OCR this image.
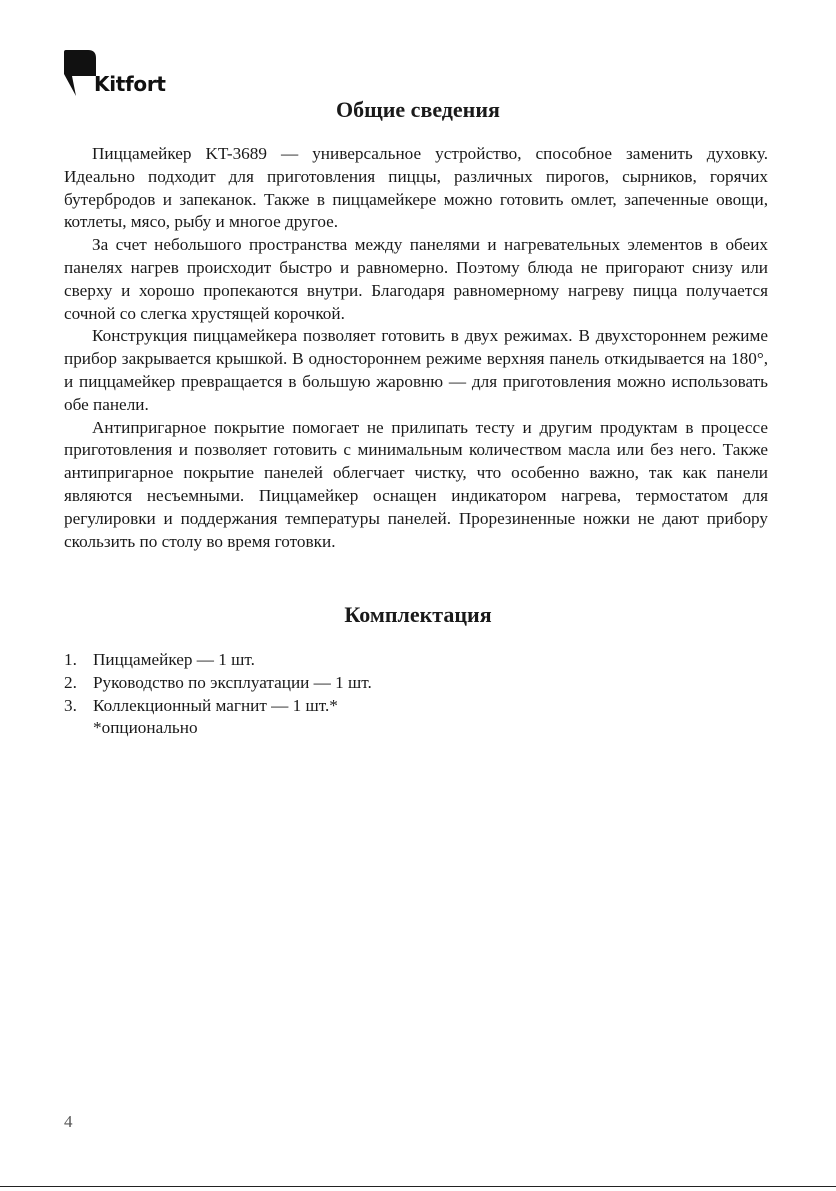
Kitfort
Общие сведения

Пиццамейкер KT-3689 — универсальное устройство, способное заменить духовку. Идеально подходит для приготовления пиццы, различных пирогов, сырников, горячих бутербродов и запеканок. Также в пиццамейкере можно готовить омлет, запеченные овощи, котлеты, мясо, рыбу и многое другое.

За счет небольшого пространства между панелями и нагревательных элементов в обеих панелях нагрев происходит быстро и равномерно. Поэтому блюда не пригорают снизу или сверху и хорошо пропекаются внутри. Благодаря равномерному нагреву пицца получается сочной со слегка хрустящей корочкой.

Конструкция пиццамейкера позволяет готовить в двух режимах. В двухстороннем режиме прибор закрывается крышкой. В одностороннем режиме верхняя панель откидывается на 180°, и пиццамейкер превращается в большую жаровню — для приготовления можно использовать обе панели.

Антипригарное покрытие помогает не прилипать тесту и другим продуктам в процессе приготовления и позволяет готовить с минимальным количеством масла или без него. Также антипригарное покрытие панелей облегчает чистку, что особенно важно, так как панели являются несъемными. Пиццамейкер оснащен индикатором нагрева, термостатом для регулировки и поддержания температуры панелей. Прорезиненные ножки не дают прибору скользить по столу во время готовки.

Комплектация
1. Пиццамейкер — 1 шт.
2. Руководство по эксплуатации — 1 шт.
3. Коллекционный магнит — 1 шт.*
*опционально
4
